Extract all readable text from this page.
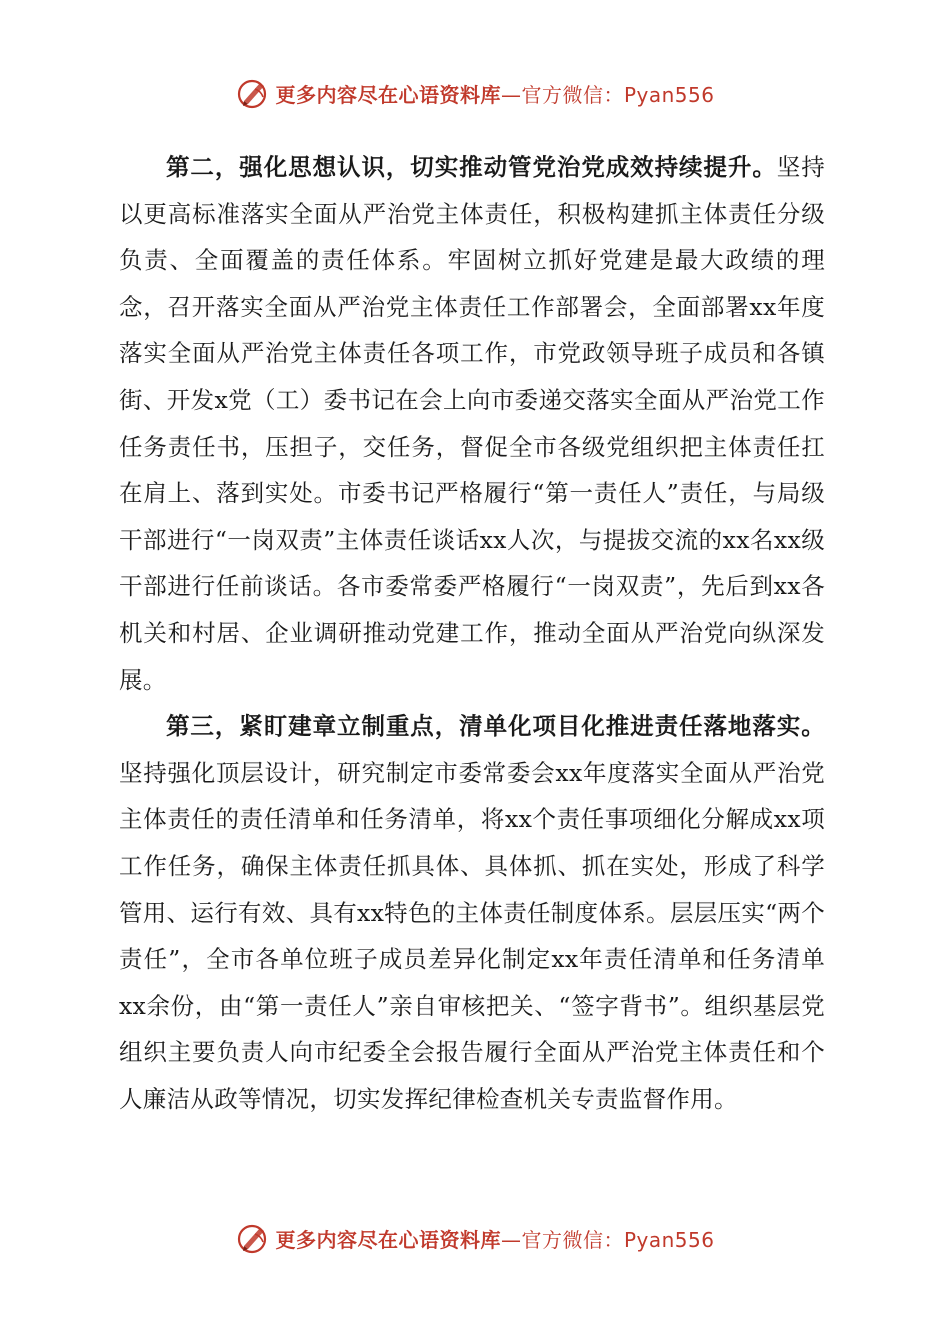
更多内容尽在心语资料库—官方微信：Pyan556

第二，强化思想认识，切实推动管党治党成效持续提升。坚持以更高标准落实全面从严治党主体责任，积极构建抓主体责任分级负责、全面覆盖的责任体系。牢固树立抓好党建是最大政绩的理念，召开落实全面从严治党主体责任工作部署会，全面部署xx年度落实全面从严治党主体责任各项工作，市党政领导班子成员和各镇街、开发x党（工）委书记在会上向市委递交落实全面从严治党工作任务责任书，压担子，交任务，督促全市各级党组织把主体责任扛在肩上、落到实处。市委书记严格履行“第一责任人”责任，与局级干部进行“一岗双责”主体责任谈话xx人次，与提拔交流的xx名xx级干部进行任前谈话。各市委常委严格履行“一岗双责”，先后到xx各机关和村居、企业调研推动党建工作，推动全面从严治党向纵深发展。

第三，紧盯建章立制重点，清单化项目化推进责任落地落实。坚持强化顶层设计，研究制定市委常委会xx年度落实全面从严治党主体责任的责任清单和任务清单，将xx个责任事项细化分解成xx项工作任务，确保主体责任抓具体、具体抓、抓在实处，形成了科学管用、运行有效、具有xx特色的主体责任制度体系。层层压实“两个责任”，全市各单位班子成员差异化制定xx年责任清单和任务清单xx余份，由“第一责任人”亲自审核把关、“签字背书”。组织基层党组织主要负责人向市纪委全会报告履行全面从严治党主体责任和个人廉洁从政等情况，切实发挥纪律检查机关专责监督作用。

更多内容尽在心语资料库—官方微信：Pyan556
